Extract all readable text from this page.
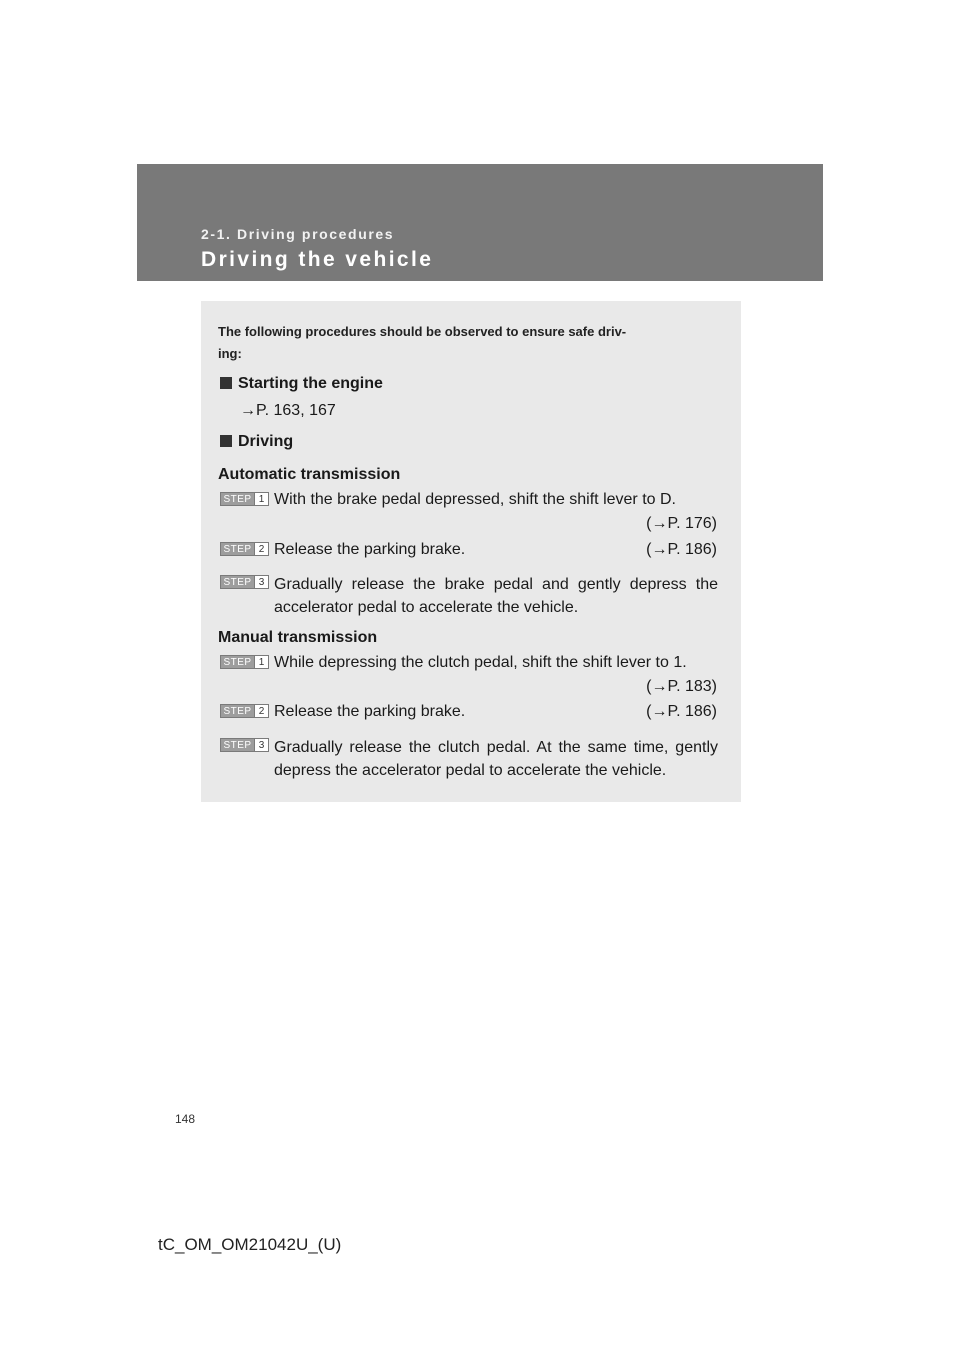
2-1. Driving procedures
Driving the vehicle
The following procedures should be observed to ensure safe driv-
ing:
Starting the engine
→P. 163, 167
Driving
Automatic transmission
STEP 1 With the brake pedal depressed, shift the shift lever to D.
(→P. 176)
STEP 2 Release the parking brake.	(→P. 186)
STEP 3 Gradually release the brake pedal and gently depress the accelerator pedal to accelerate the vehicle.
Manual transmission
STEP 1 While depressing the clutch pedal, shift the shift lever to 1.
(→P. 183)
STEP 2 Release the parking brake.	(→P. 186)
STEP 3 Gradually release the clutch pedal. At the same time, gently depress the accelerator pedal to accelerate the vehicle.
148
tC_OM_OM21042U_(U)
